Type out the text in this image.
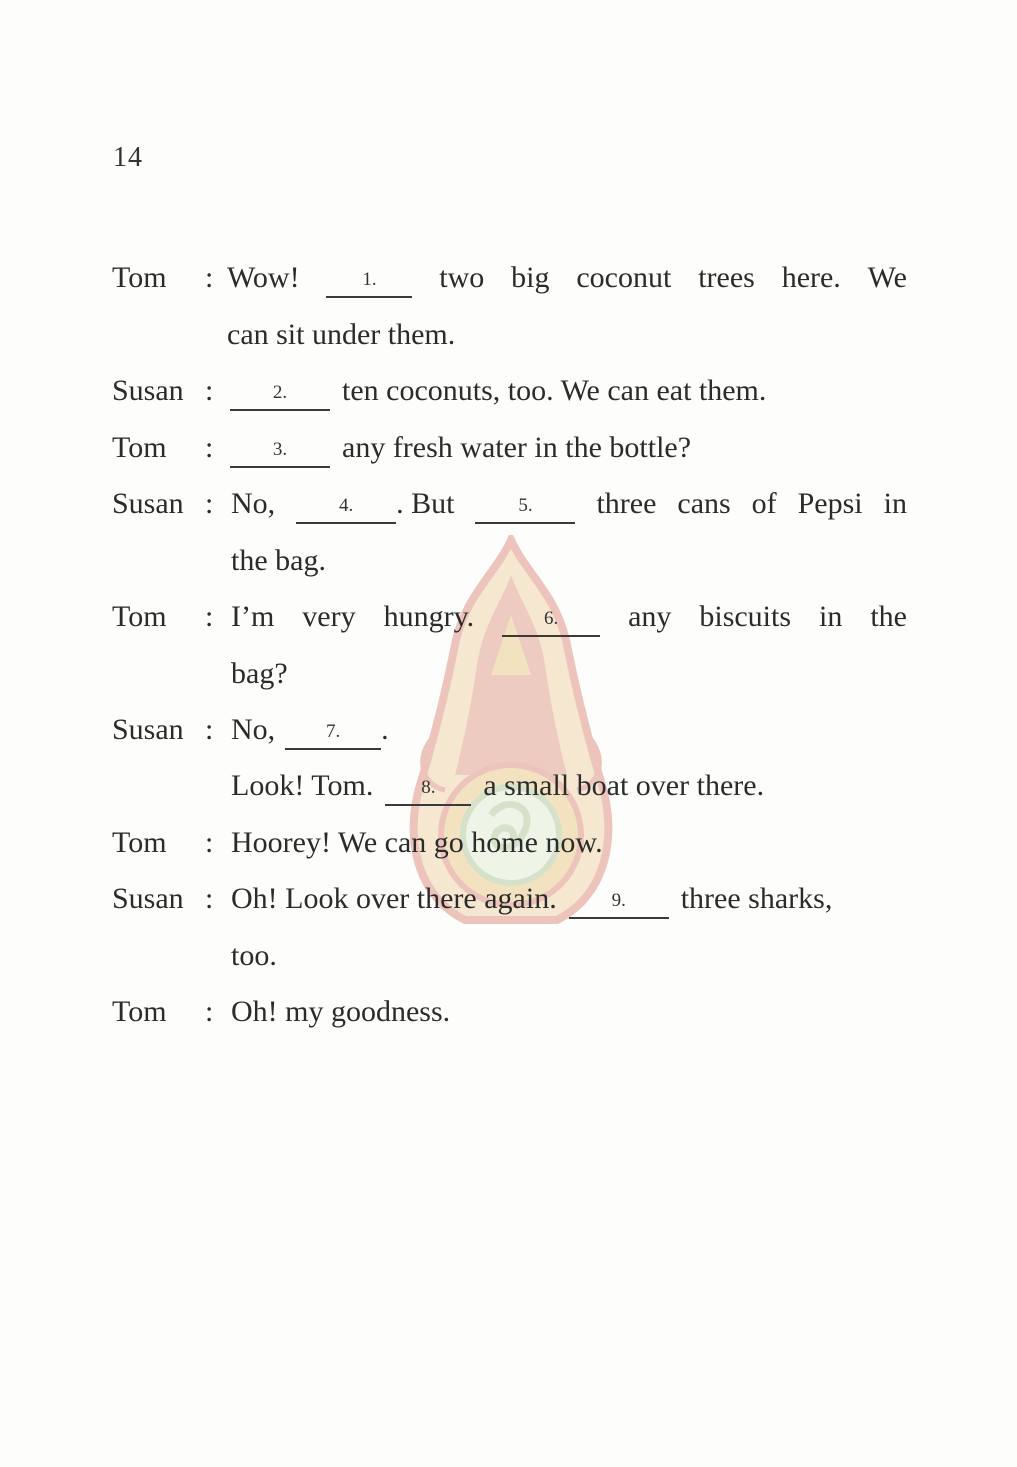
14
Tom : Wow!	1.	two big coconut trees here. We
can sit under them.
Susan :	2.	ten coconuts, too. We can eat them.
Tom :	3.	any fresh water in the bottle?
Susan : No,	4. . But	5.	three cans of Pepsi in
the bag.
Tom : I’m very hungry.	6.	any biscuits in the
bag?
Susan : No,	7.	.
Look! Tom.	8.	a small boat over there.
Tom : Hoorey! We can go home now.
Susan : Oh! Look over there again.	9.	three sharks,
too.
Tom : Oh! my goodness.
